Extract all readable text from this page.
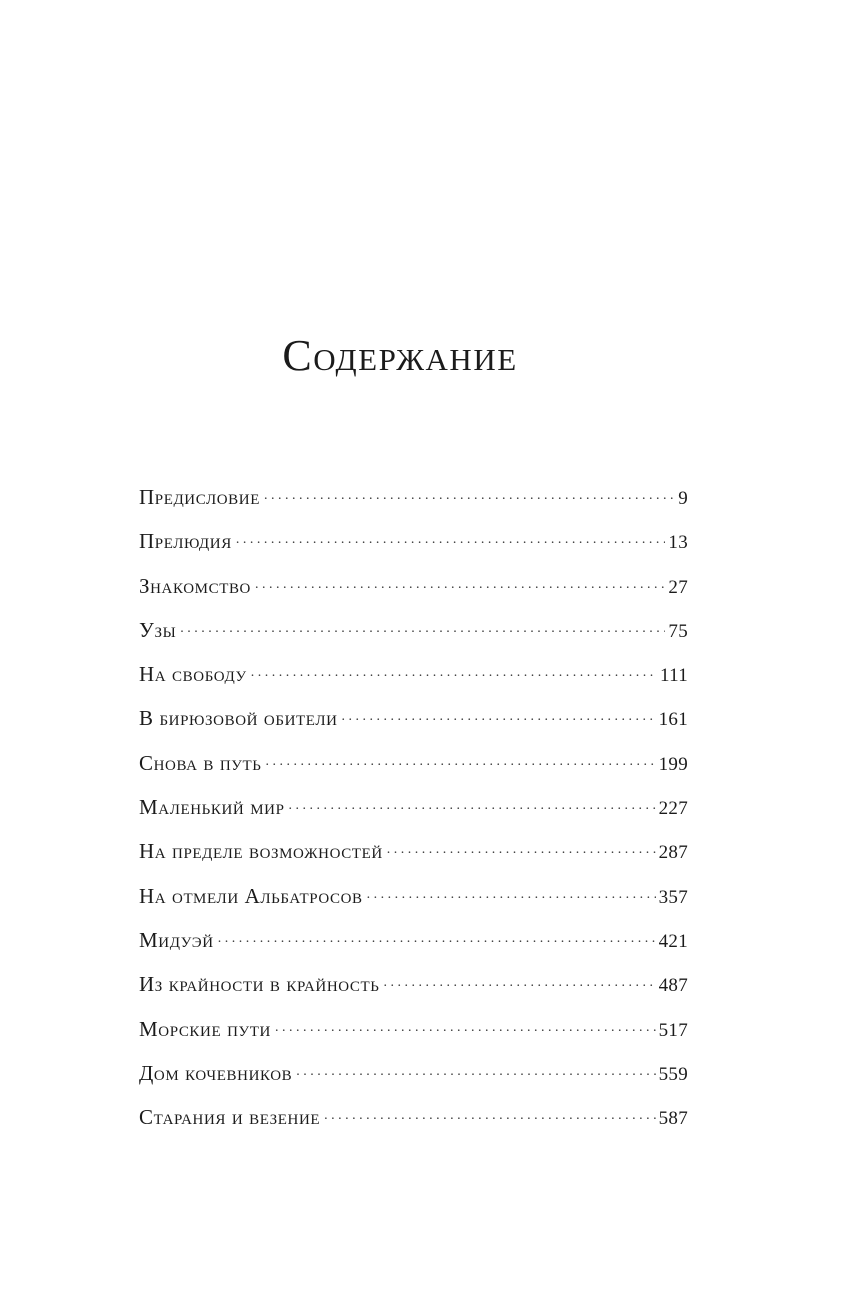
Содержание
Предисловие . . .	9
Прелюдия . . .	13
Знакомство . . .	27
Узы . . .	75
На свободу . . .	111
В бирюзовой обители . . .	161
Снова в путь . . .	199
Маленький мир . . .	227
На пределе возможностей . . .	287
На отмели Альбатросов . . .	357
Мидуэй . . .	421
Из крайности в крайность . . .	487
Морские пути . . .	517
Дом кочевников . . .	559
Старания и везение . . .	587
